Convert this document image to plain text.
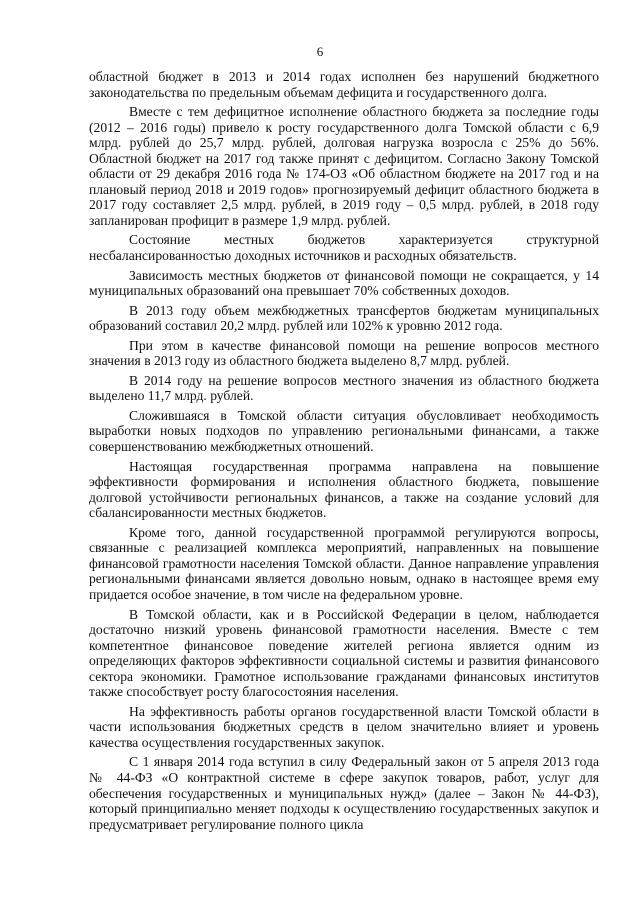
6

областной бюджет в 2013 и 2014 годах исполнен без нарушений бюджетного законодательства по предельным объемам дефицита и государственного долга.

Вместе с тем дефицитное исполнение областного бюджета за последние годы (2012 – 2016 годы) привело к росту государственного долга Томской области с 6,9 млрд. рублей до 25,7 млрд. рублей, долговая нагрузка возросла с 25% до 56%. Областной бюджет на 2017 год также принят с дефицитом. Согласно Закону Томской области от 29 декабря 2016 года № 174-ОЗ «Об областном бюджете на 2017 год и на плановый период 2018 и 2019 годов» прогнозируемый дефицит областного бюджета в 2017 году составляет 2,5 млрд. рублей, в 2019 году – 0,5 млрд. рублей, в 2018 году запланирован профицит в размере 1,9 млрд. рублей.

Состояние местных бюджетов характеризуется структурной несбалансированностью доходных источников и расходных обязательств.

Зависимость местных бюджетов от финансовой помощи не сокращается, у 14 муниципальных образований она превышает 70% собственных доходов.

В 2013 году объем межбюджетных трансфертов бюджетам муниципальных образований составил 20,2 млрд. рублей или 102% к уровню 2012 года.

При этом в качестве финансовой помощи на решение вопросов местного значения в 2013 году из областного бюджета выделено 8,7 млрд. рублей.

В 2014 году на решение вопросов местного значения из областного бюджета выделено 11,7 млрд. рублей.

Сложившаяся в Томской области ситуация обусловливает необходимость выработки новых подходов по управлению региональными финансами, а также совершенствованию межбюджетных отношений.

Настоящая государственная программа направлена на повышение эффективности формирования и исполнения областного бюджета, повышение долговой устойчивости региональных финансов, а также на создание условий для сбалансированности местных бюджетов.

Кроме того, данной государственной программой регулируются вопросы, связанные с реализацией комплекса мероприятий, направленных на повышение финансовой грамотности населения Томской области. Данное направление управления региональными финансами является довольно новым, однако в настоящее время ему придается особое значение, в том числе на федеральном уровне.

В Томской области, как и в Российской Федерации в целом, наблюдается достаточно низкий уровень финансовой грамотности населения. Вместе с тем компетентное финансовое поведение жителей региона является одним из определяющих факторов эффективности социальной системы и развития финансового сектора экономики. Грамотное использование гражданами финансовых институтов также способствует росту благосостояния населения.

На эффективность работы органов государственной власти Томской области в части использования бюджетных средств в целом значительно влияет и уровень качества осуществления государственных закупок.

С 1 января 2014 года вступил в силу Федеральный закон от 5 апреля 2013 года № 44-ФЗ «О контрактной системе в сфере закупок товаров, работ, услуг для обеспечения государственных и муниципальных нужд» (далее – Закон № 44-ФЗ), который принципиально меняет подходы к осуществлению государственных закупок и предусматривает регулирование полного цикла
